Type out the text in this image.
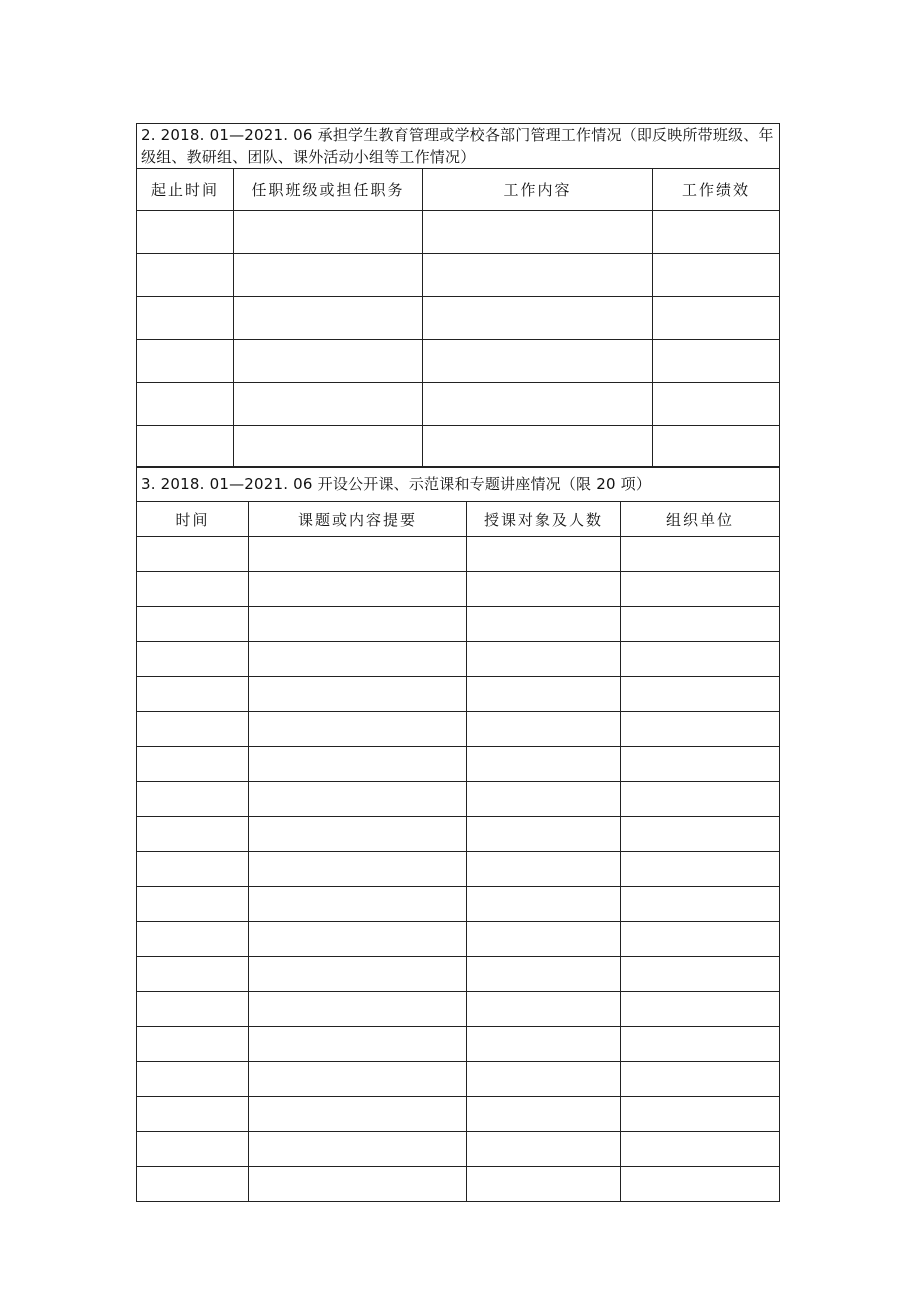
2. 2018. 01—2021. 06 承担学生教育管理或学校各部门管理工作情况（即反映所带班级、年级组、教研组、团队、课外活动小组等工作情况）			
起止时间	任职班级或担任职务	工作内容	工作绩效

3. 2018. 01—2021. 06 开设公开课、示范课和专题讲座情况（限 20 项）			
时间	课题或内容提要	授课对象及人数	组织单位
